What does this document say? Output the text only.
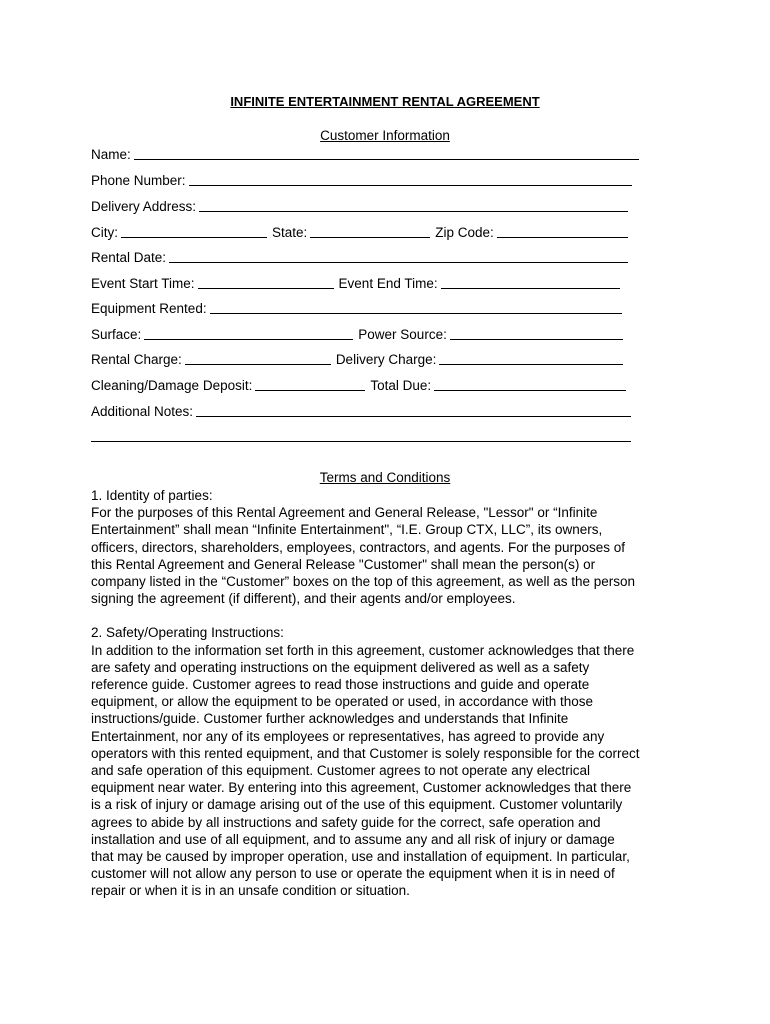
INFINITE ENTERTAINMENT RENTAL AGREEMENT
Customer Information
Name:
Phone Number:
Delivery Address:
City:	State:	Zip Code:
Rental Date:
Event Start Time:	Event End Time:
Equipment Rented:
Surface:	Power Source:
Rental Charge:	Delivery Charge:
Cleaning/Damage Deposit:	Total Due:
Additional Notes:
Terms and Conditions

1. Identity of parties:

For the purposes of this Rental Agreement and General Release, "Lessor" or “Infinite

Entertainment” shall mean “Infinite Entertainment", “I.E. Group CTX, LLC”, its owners,

officers, directors, shareholders, employees, contractors, and agents. For the purposes of

this Rental Agreement and General Release "Customer" shall mean the person(s) or

company listed in the “Customer” boxes on the top of this agreement, as well as the person

signing the agreement (if different), and their agents and/or employees.

2. Safety/Operating Instructions:

In addition to the information set forth in this agreement, customer acknowledges that there

are safety and operating instructions on the equipment delivered as well as a safety

reference guide. Customer agrees to read those instructions and guide and operate

equipment, or allow the equipment to be operated or used, in accordance with those

instructions/guide. Customer further acknowledges and understands that Infinite

Entertainment, nor any of its employees or representatives, has agreed to provide any

operators with this rented equipment, and that Customer is solely responsible for the correct

and safe operation of this equipment. Customer agrees to not operate any electrical

equipment near water. By entering into this agreement, Customer acknowledges that there

is a risk of injury or damage arising out of the use of this equipment. Customer voluntarily

agrees to abide by all instructions and safety guide for the correct, safe operation and

installation and use of all equipment, and to assume any and all risk of injury or damage

that may be caused by improper operation, use and installation of equipment. In particular,

customer will not allow any person to use or operate the equipment when it is in need of

repair or when it is in an unsafe condition or situation.
